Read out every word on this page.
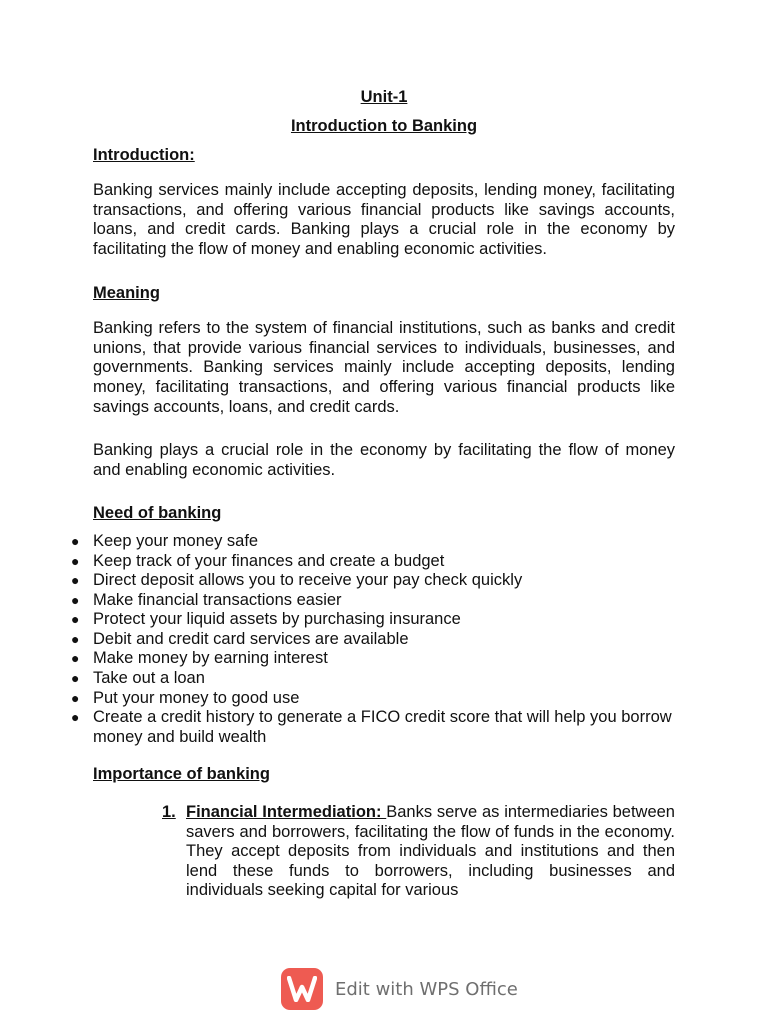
Unit-1

Introduction to Banking

Introduction:

Banking services mainly include accepting deposits, lending money, facilitating transactions, and offering various financial products like savings accounts, loans, and credit cards. Banking plays a crucial role in the economy by facilitating the flow of money and enabling economic activities.

Meaning

Banking refers to the system of financial institutions, such as banks and credit unions, that provide various financial services to individuals, businesses, and governments. Banking services mainly include accepting deposits, lending money, facilitating transactions, and offering various financial products like savings accounts, loans, and credit cards.

Banking plays a crucial role in the economy by facilitating the flow of money and enabling economic activities.

Need of banking

● Keep your money safe
● Keep track of your finances and create a budget
● Direct deposit allows you to receive your pay check quickly
● Make financial transactions easier
● Protect your liquid assets by purchasing insurance
● Debit and credit card services are available
● Make money by earning interest
● Take out a loan
● Put your money to good use
● Create a credit history to generate a FICO credit score that will help you borrow money and build wealth

Importance of banking

1. Financial Intermediation: Banks serve as intermediaries between savers and borrowers, facilitating the flow of funds in the economy. They accept deposits from individuals and institutions and then lend these funds to borrowers, including businesses and individuals seeking capital for various
Edit with WPS Office
